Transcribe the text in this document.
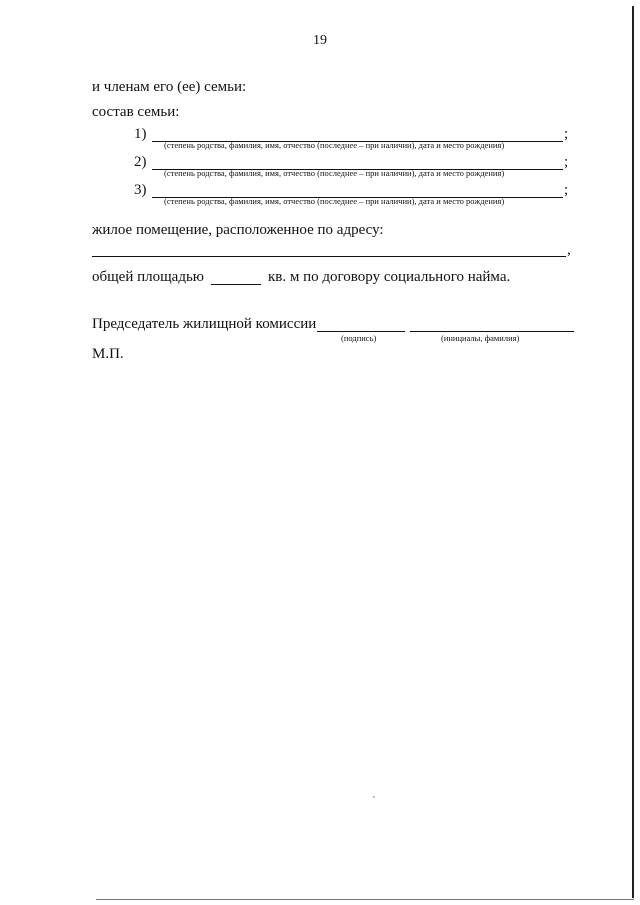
19
и членам его (ее) семьи:
состав семьи:
1)	;
(степень родства, фамилия, имя, отчество (последнее – при наличии), дата и место рождения)
2)	;
(степень родства, фамилия, имя, отчество (последнее – при наличии), дата и место рождения)
3)	;
(степень родства, фамилия, имя, отчество (последнее – при наличии), дата и место рождения)
жилое помещение, расположенное по адресу:
,
общей площадью	кв. м по договору социального найма.
Председатель жилищной комиссии
(подпись)	(инициалы, фамилия)
М.П.
